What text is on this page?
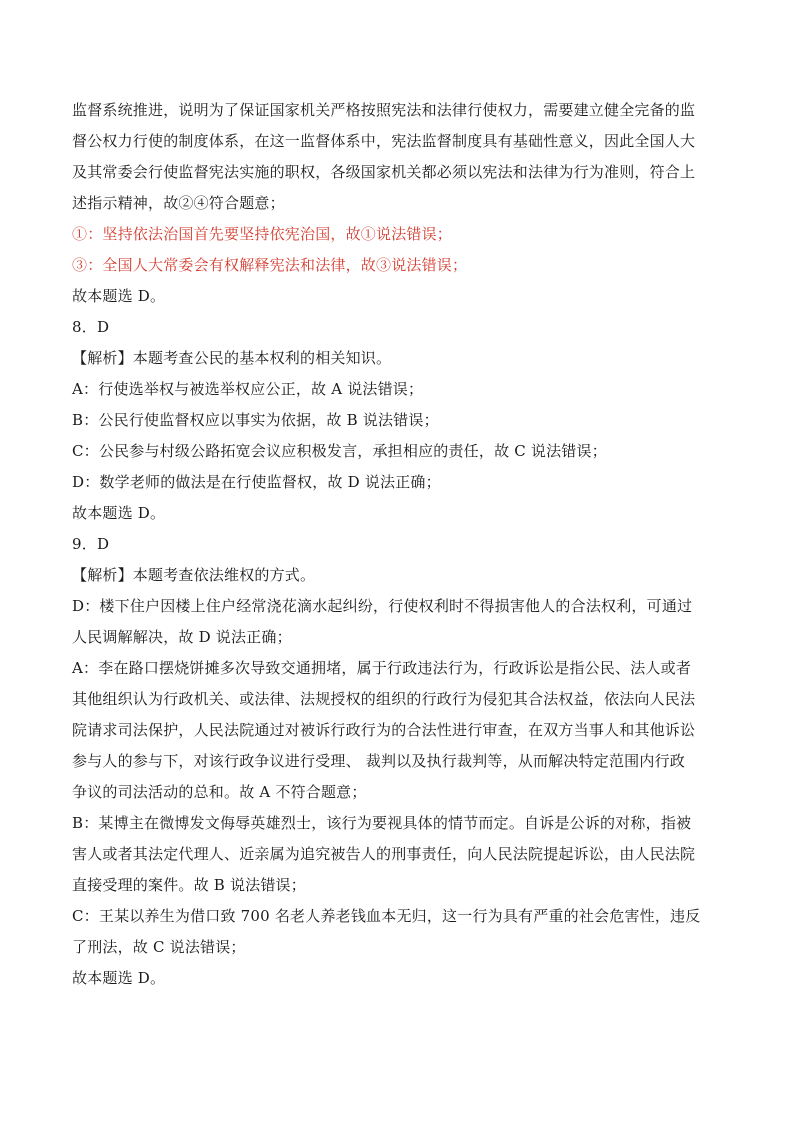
监督系统推进，说明为了保证国家机关严格按照宪法和法律行使权力，需要建立健全完备的监

督公权力行使的制度体系，在这一监督体系中，宪法监督制度具有基础性意义，因此全国人大

及其常委会行使监督宪法实施的职权，各级国家机关都必须以宪法和法律为行为准则，符合上

述指示精神，故②④符合题意；

①：坚持依法治国首先要坚持依宪治国，故①说法错误；

③：全国人大常委会有权解释宪法和法律，故③说法错误；

故本题选 D。

8．D

【解析】本题考查公民的基本权利的相关知识。

A：行使选举权与被选举权应公正，故 A 说法错误；

B：公民行使监督权应以事实为依据，故 B 说法错误；

C：公民参与村级公路拓宽会议应积极发言，承担相应的责任，故 C 说法错误；

D：数学老师的做法是在行使监督权，故 D 说法正确；

故本题选 D。

9．D

【解析】本题考查依法维权的方式。

D：楼下住户因楼上住户经常浇花滴水起纠纷，行使权利时不得损害他人的合法权利，可通过

人民调解解决，故 D 说法正确；

A：李在路口摆烧饼摊多次导致交通拥堵，属于行政违法行为，行政诉讼是指公民、法人或者

其他组织认为行政机关、或法律、法规授权的组织的行政行为侵犯其合法权益，依法向人民法

院请求司法保护，人民法院通过对被诉行政行为的合法性进行审查，在双方当事人和其他诉讼

参与人的参与下，对该行政争议进行受理、 裁判以及执行裁判等，从而解决特定范围内行政

争议的司法活动的总和。故 A 不符合题意；

B：某博主在微博发文侮辱英雄烈士，该行为要视具体的情节而定。自诉是公诉的对称，指被

害人或者其法定代理人、近亲属为追究被告人的刑事责任，向人民法院提起诉讼，由人民法院

直接受理的案件。故 B 说法错误；

C：王某以养生为借口致 700 名老人养老钱血本无归，这一行为具有严重的社会危害性，违反

了刑法，故 C 说法错误；

故本题选 D。
